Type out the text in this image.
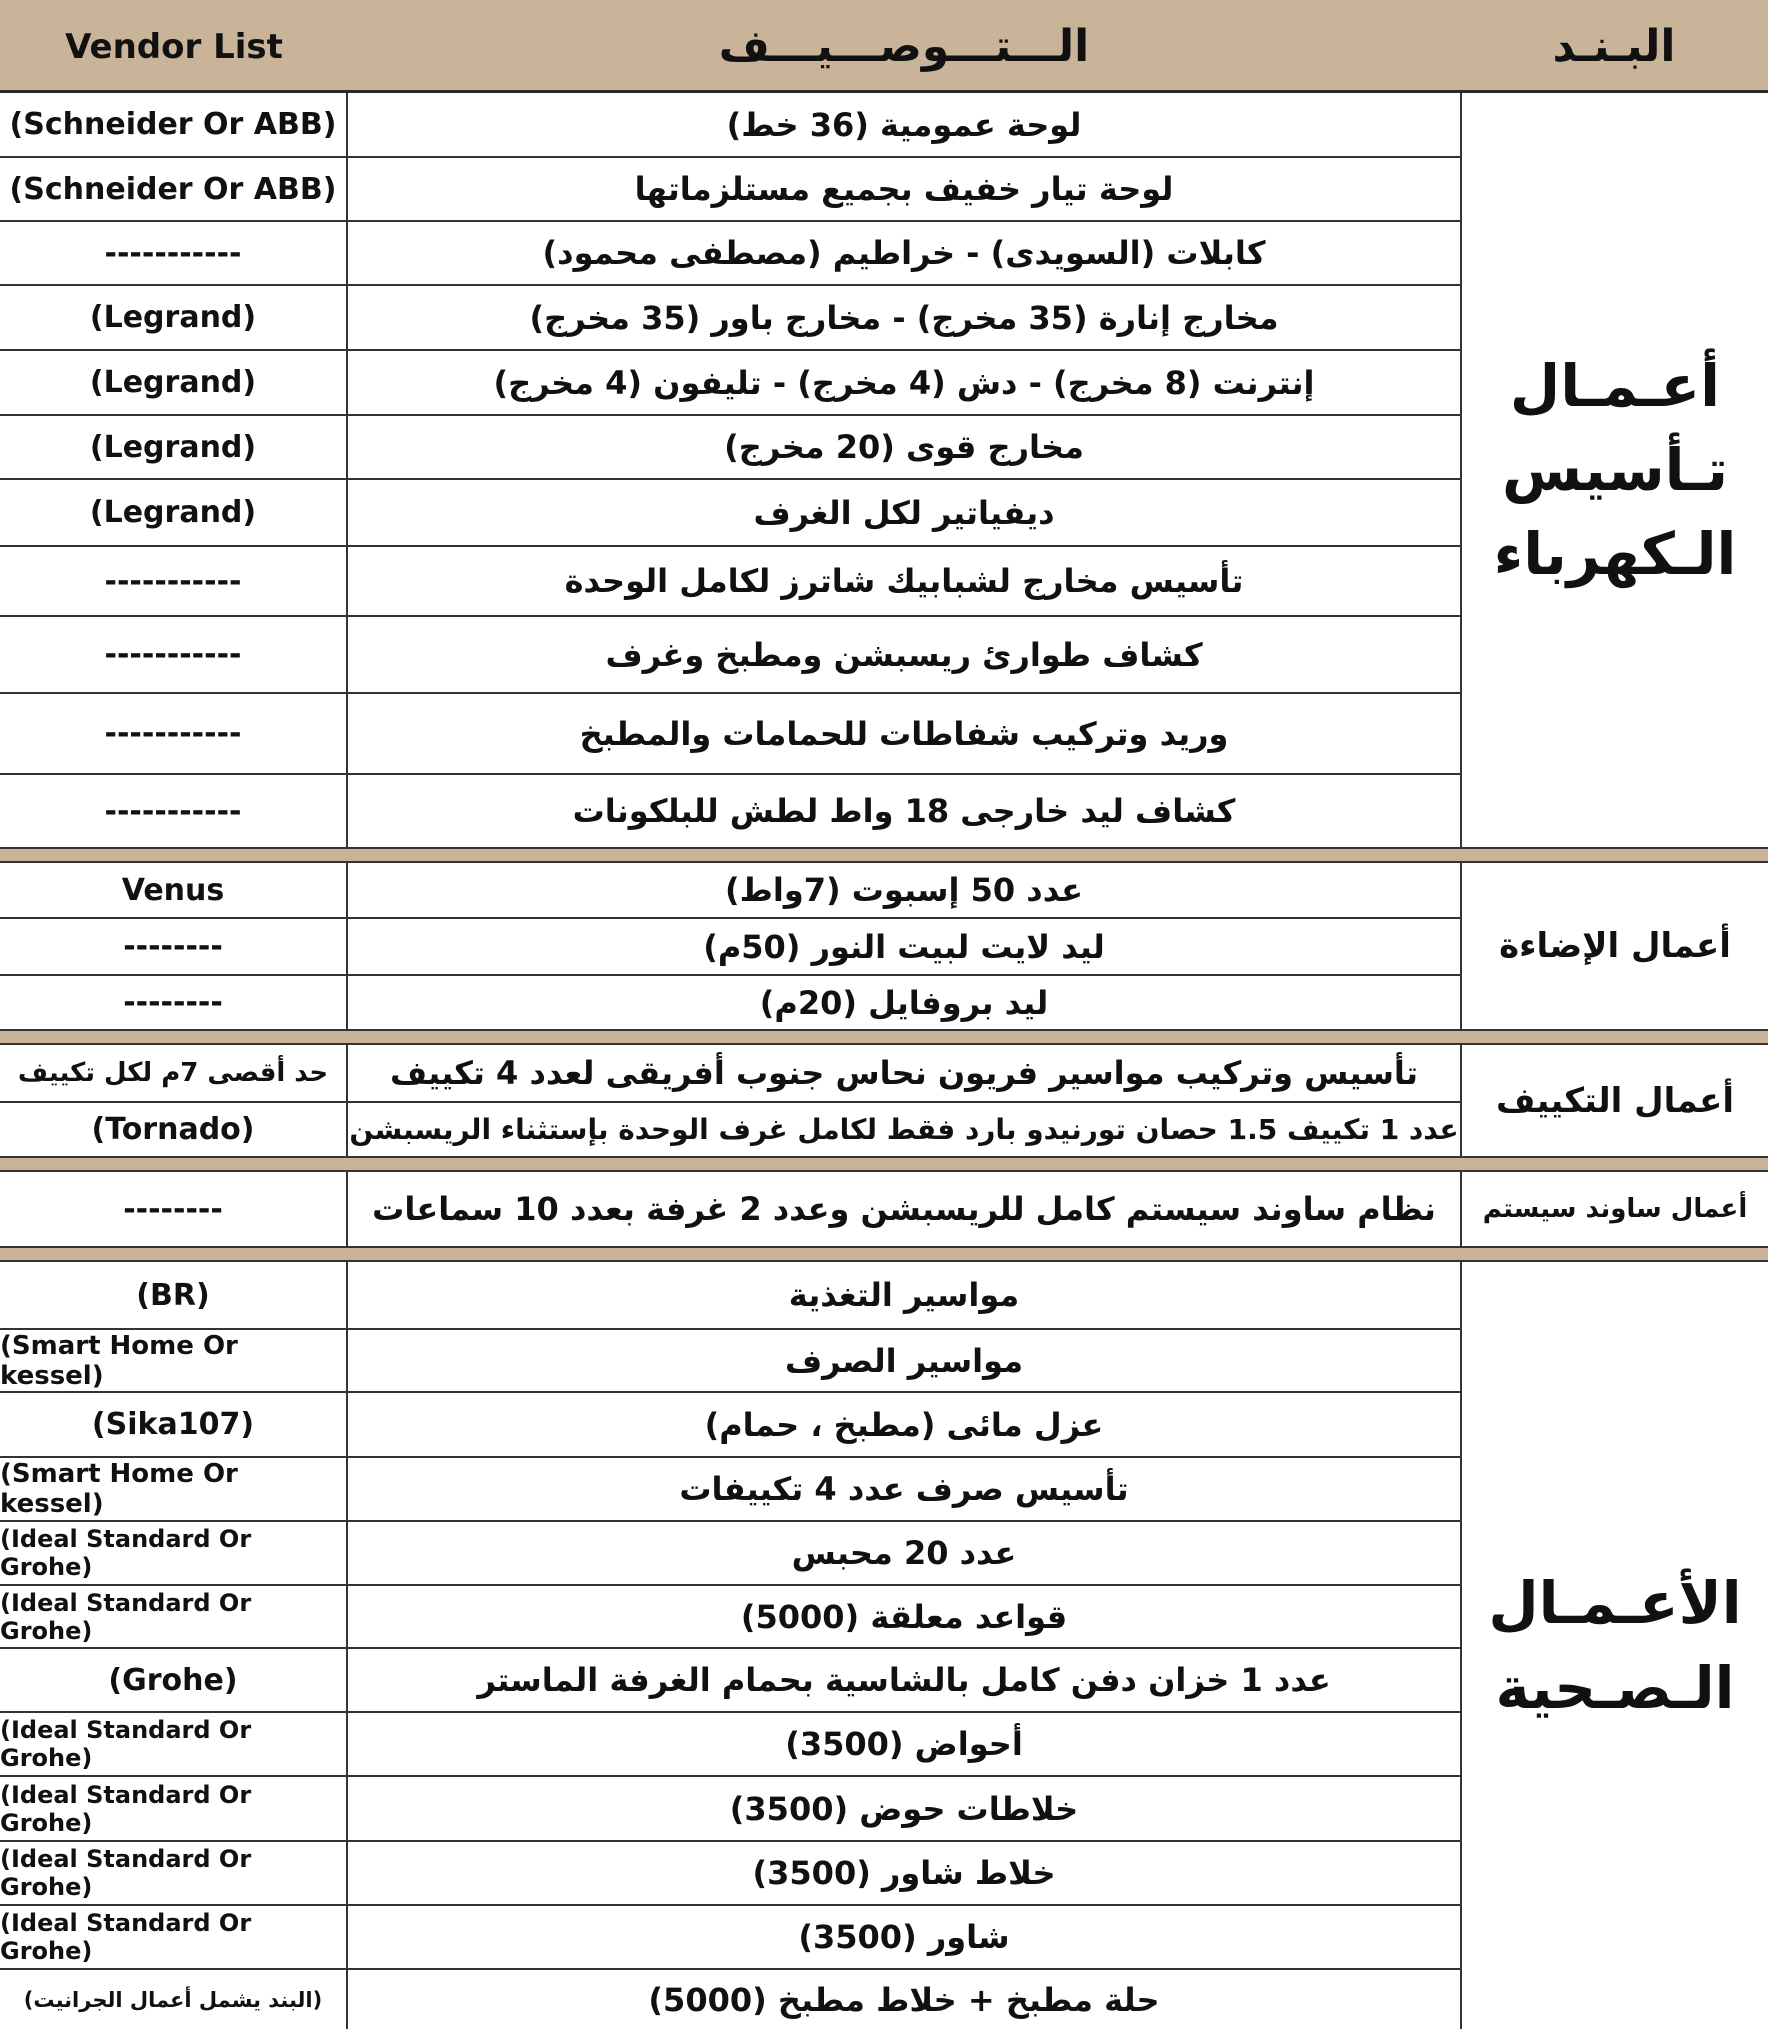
Vendor List	الـــتـــوصـــيـــف	البـنـد
(Schneider Or ABB)	لوحة عمومية (36 خط)
(Schneider Or ABB)	لوحة تيار خفيف بجميع مستلزماتها
-----------	كابلات (السويدى) - خراطيم (مصطفى محمود)
(Legrand)	مخارج إنارة (35 مخرج) - مخارج باور (35 مخرج)
(Legrand)	إنترنت (8 مخرج) - دش (4 مخرج) - تليفون (4 مخرج)
(Legrand)	مخارج قوى (20 مخرج)
(Legrand)	ديفياتير لكل الغرف
-----------	تأسيس مخارج لشبابيك شاترز لكامل الوحدة
-----------	كشاف طوارئ ريسبشن ومطبخ وغرف
-----------	وريد وتركيب شفاطات للحمامات والمطبخ
-----------	كشاف ليد خارجى 18 واط لطش للبلكونات
أعـمـال تـأسيس الـكهرباء
Venus	عدد 50 إسبوت (7واط)
--------	ليد لايت لبيت النور (50م)
--------	ليد بروفايل (20م)
أعمال الإضاءة
حد أقصى 7م لكل تكييف	تأسيس وتركيب مواسير فريون نحاس جنوب أفريقى لعدد 4 تكييف
(Tornado)	عدد 1 تكييف 1.5 حصان تورنيدو بارد فقط لكامل غرف الوحدة بإستثناء الريسبشن
أعمال التكييف
--------	نظام ساوند سيستم كامل للريسبشن وعدد 2 غرفة بعدد 10 سماعات	أعمال ساوند سيستم
(BR)	مواسير التغذية
(Smart Home Or kessel)	مواسير الصرف
(Sika107)	عزل مائى (مطبخ ، حمام)
(Smart Home Or kessel)	تأسيس صرف عدد 4 تكييفات
(Ideal Standard Or Grohe)	عدد 20 محبس
(Ideal Standard Or Grohe)	قواعد معلقة (5000)
(Grohe)	عدد 1 خزان دفن كامل بالشاسية بحمام الغرفة الماستر
(Ideal Standard Or Grohe)	أحواض (3500)
(Ideal Standard Or Grohe)	خلاطات حوض (3500)
(Ideal Standard Or Grohe)	خلاط شاور (3500)
(Ideal Standard Or Grohe)	شاور (3500)
(البند يشمل أعمال الجرانيت)	حلة مطبخ + خلاط مطبخ (5000)
الأعـمـال الـصـحية
